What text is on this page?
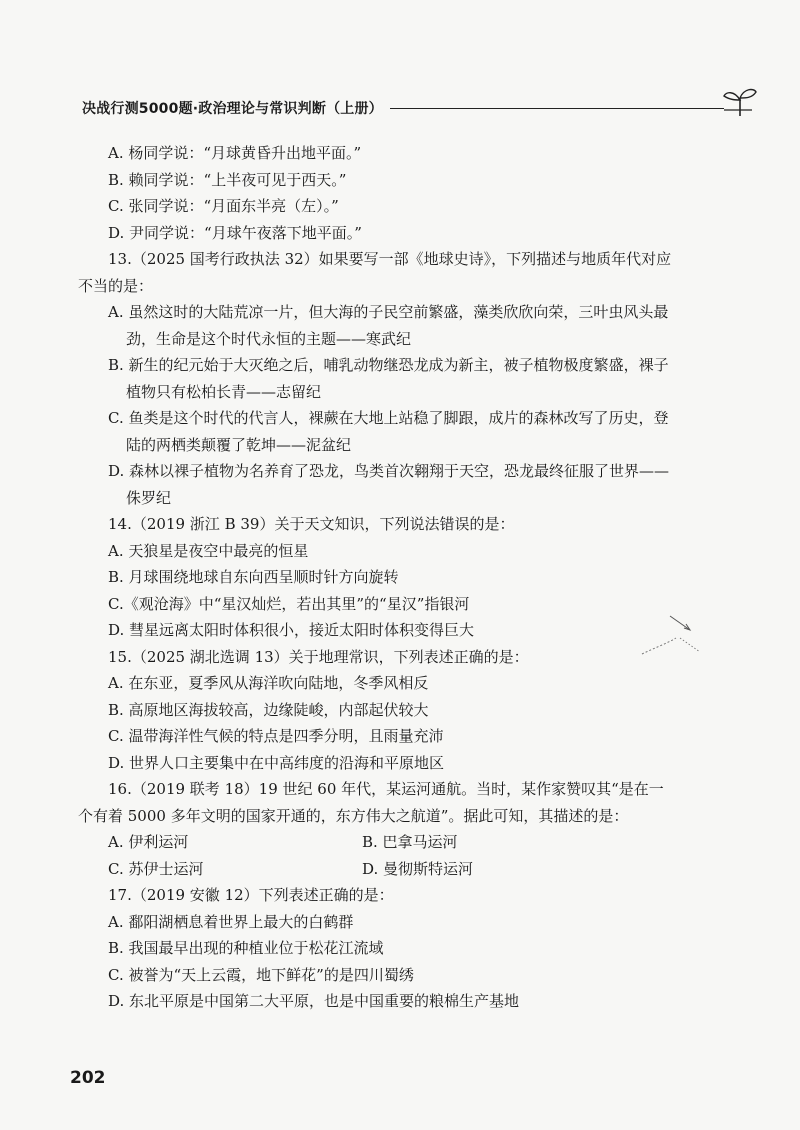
决战行测5000题·政治理论与常识判断（上册）

A. 杨同学说：“月球黄昏升出地平面。”

B. 赖同学说：“上半夜可见于西天。”

C. 张同学说：“月面东半亮（左）。”

D. 尹同学说：“月球午夜落下地平面。”

13.（2025 国考行政执法 32）如果要写一部《地球史诗》，下列描述与地质年代对应不当的是：

A. 虽然这时的大陆荒凉一片，但大海的子民空前繁盛，藻类欣欣向荣，三叶虫风头最劲，生命是这个时代永恒的主题——寒武纪

B. 新生的纪元始于大灭绝之后，哺乳动物继恐龙成为新主，被子植物极度繁盛，裸子植物只有松柏长青——志留纪

C. 鱼类是这个时代的代言人，裸蕨在大地上站稳了脚跟，成片的森林改写了历史，登陆的两栖类颠覆了乾坤——泥盆纪

D. 森林以裸子植物为名养育了恐龙，鸟类首次翱翔于天空，恐龙最终征服了世界——侏罗纪

14.（2019 浙江 B 39）关于天文知识，下列说法错误的是：

A. 天狼星是夜空中最亮的恒星

B. 月球围绕地球自东向西呈顺时针方向旋转

C.《观沧海》中“星汉灿烂，若出其里”的“星汉”指银河

D. 彗星远离太阳时体积很小，接近太阳时体积变得巨大

15.（2025 湖北选调 13）关于地理常识，下列表述正确的是：

A. 在东亚，夏季风从海洋吹向陆地，冬季风相反

B. 高原地区海拔较高，边缘陡峻，内部起伏较大

C. 温带海洋性气候的特点是四季分明，且雨量充沛

D. 世界人口主要集中在中高纬度的沿海和平原地区

16.（2019 联考 18）19 世纪 60 年代，某运河通航。当时，某作家赞叹其“是在一个有着 5000 多年文明的国家开通的，东方伟大之航道”。据此可知，其描述的是：

A. 伊利运河	B. 巴拿马运河

C. 苏伊士运河	D. 曼彻斯特运河

17.（2019 安徽 12）下列表述正确的是：

A. 鄱阳湖栖息着世界上最大的白鹤群

B. 我国最早出现的种植业位于松花江流域

C. 被誉为“天上云霞，地下鲜花”的是四川蜀绣

D. 东北平原是中国第二大平原，也是中国重要的粮棉生产基地

202
